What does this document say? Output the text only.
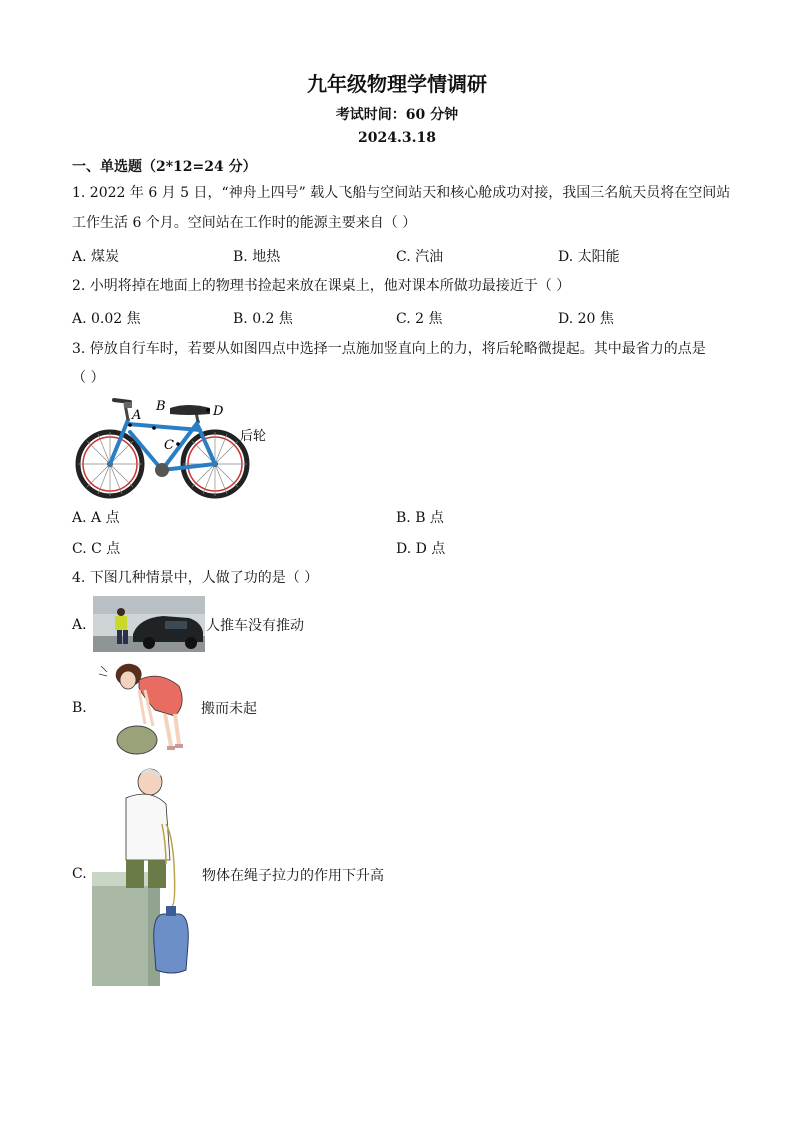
九年级物理学情调研
考试时间：60 分钟
2024.3.18
一、单选题（2*12=24 分）
1. 2022 年 6 月 5 日，“神舟上四号” 载人飞船与空间站天和核心舱成功对接，我国三名航天员将在空间站
工作生活 6 个月。空间站在工作时的能源主要来自（ ）
A. 煤炭	B. 地热	C. 汽油	D. 太阳能
2. 小明将掉在地面上的物理书捡起来放在课桌上，他对课本所做功最接近于（ ）
A. 0.02 焦	B. 0.2 焦	C. 2 焦	D. 20 焦
3. 停放自行车时，若要从如图四点中选择一点施加竖直向上的力，将后轮略微提起。其中最省力的点是
（ ）
A
B
C
D
后轮
A. A 点	B. B 点
C. C 点	D. D 点
4. 下图几种情景中，人做了功的是（ ）
A.	人推车没有推动
B.	搬而未起
C.	物体在绳子拉力的作用下升高
